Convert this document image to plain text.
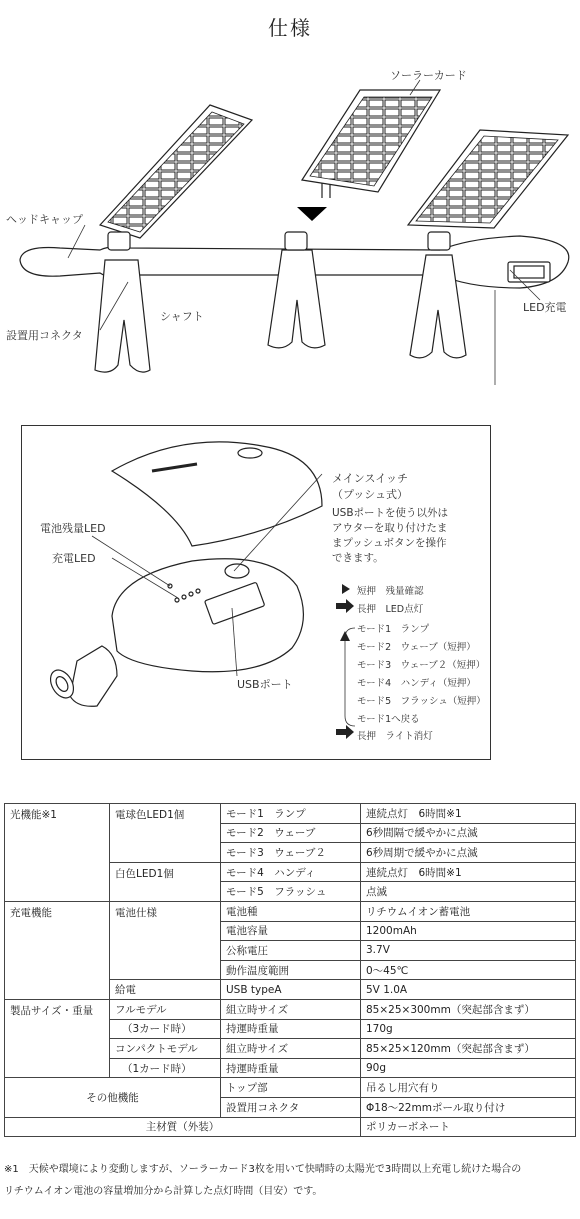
仕様
ソーラーカード
ヘッドキャップ
シャフト
設置用コネクタ
LED充電
メインスイッチ
（プッシュ式）
USBポートを使う以外は
アウターを取り付けたま
まプッシュボタンを操作
できます。
電池残量LED
充電LED
USBポート
短押　残量確認
長押　LED点灯
モード1　ランプ
モード2　ウェーブ（短押）
モード3　ウェーブ２（短押）
モード4　ハンディ（短押）
モード5　フラッシュ（短押）
モード1へ戻る
長押　ライト消灯
光機能※1	電球色LED1個	モード1　ランプ	連続点灯　6時間※1
		モード2　ウェーブ	6秒間隔で緩やかに点滅
		モード3　ウェーブ２	6秒周期で緩やかに点滅
	白色LED1個	モード4　ハンディ	連続点灯　6時間※1
		モード5　フラッシュ	点滅
充電機能	電池仕様	電池種	リチウムイオン蓄電池
		電池容量	1200mAh
		公称電圧	3.7V
		動作温度範囲	0〜45℃
	給電	USB typeA	5V 1.0A
製品サイズ・重量	フルモデル	組立時サイズ	85×25×300mm（突起部含まず）
	（3カード時）	持運時重量	170g
	コンパクトモデル	組立時サイズ	85×25×120mm（突起部含まず）
	（1カード時）	持運時重量	90g
その他機能		トップ部	吊るし用穴有り
		設置用コネクタ	Φ18〜22mmポール取り付け
主材質（外装）			ポリカーボネート
※1　天候や環境により変動しますが、ソーラーカード3枚を用いて快晴時の太陽光で3時間以上充電し続けた場合の
リチウムイオン電池の容量増加分から計算した点灯時間（目安）です。
